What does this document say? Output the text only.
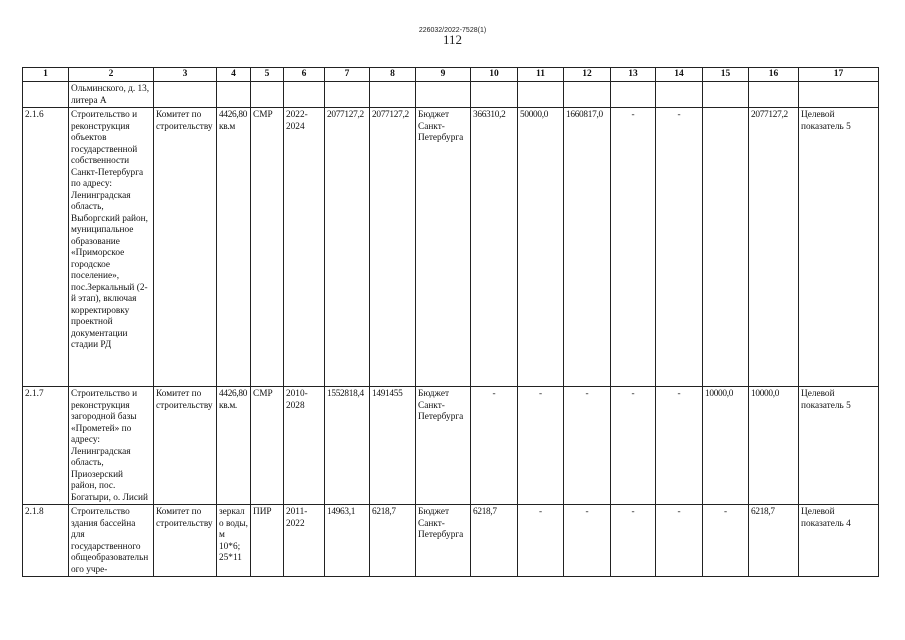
226032/2022-7528(1)
112
1	2	3	4	5	6	7	8	9	10	11	12	13	14	15	16	17
	Ольминского, д. 13, литера А															
2.1.6	Строительство и реконструкция объектов государственной собственности Санкт-Петербурга по адресу: Ленинградская область, Выборгский район, муниципальное образование «Приморское городское поселение», пос.Зеркальный (2-й этап), включая корректировку проектной документации стадии РД	Комитет по строительству	4426,80 кв.м	СМР	2022-2024	2077127,2	2077127,2	Бюджет Санкт-Петербурга	366310,2	50000,0	1660817,0	-	-		2077127,2	Целевой показатель 5
2.1.7	Строительство и реконструкция загородной базы «Прометей» по адресу: Ленинградская область, Приозерский район, пос. Богатыри, о. Лисий	Комитет по строительству	4426,80 кв.м.	СМР	2010-2028	1552818,4	1491455	Бюджет Санкт-Петербурга	-	-	-	-	-	10000,0	10000,0	Целевой показатель 5
2.1.8	Строительство здания бассейна для государственного общеобразовательного учре-	Комитет по строительству	зеркало воды, м 10*6; 25*11	ПИР	2011-2022	14963,1	6218,7	Бюджет Санкт-Петербурга	6218,7	-	-	-	-	-	6218,7	Целевой показатель 4
